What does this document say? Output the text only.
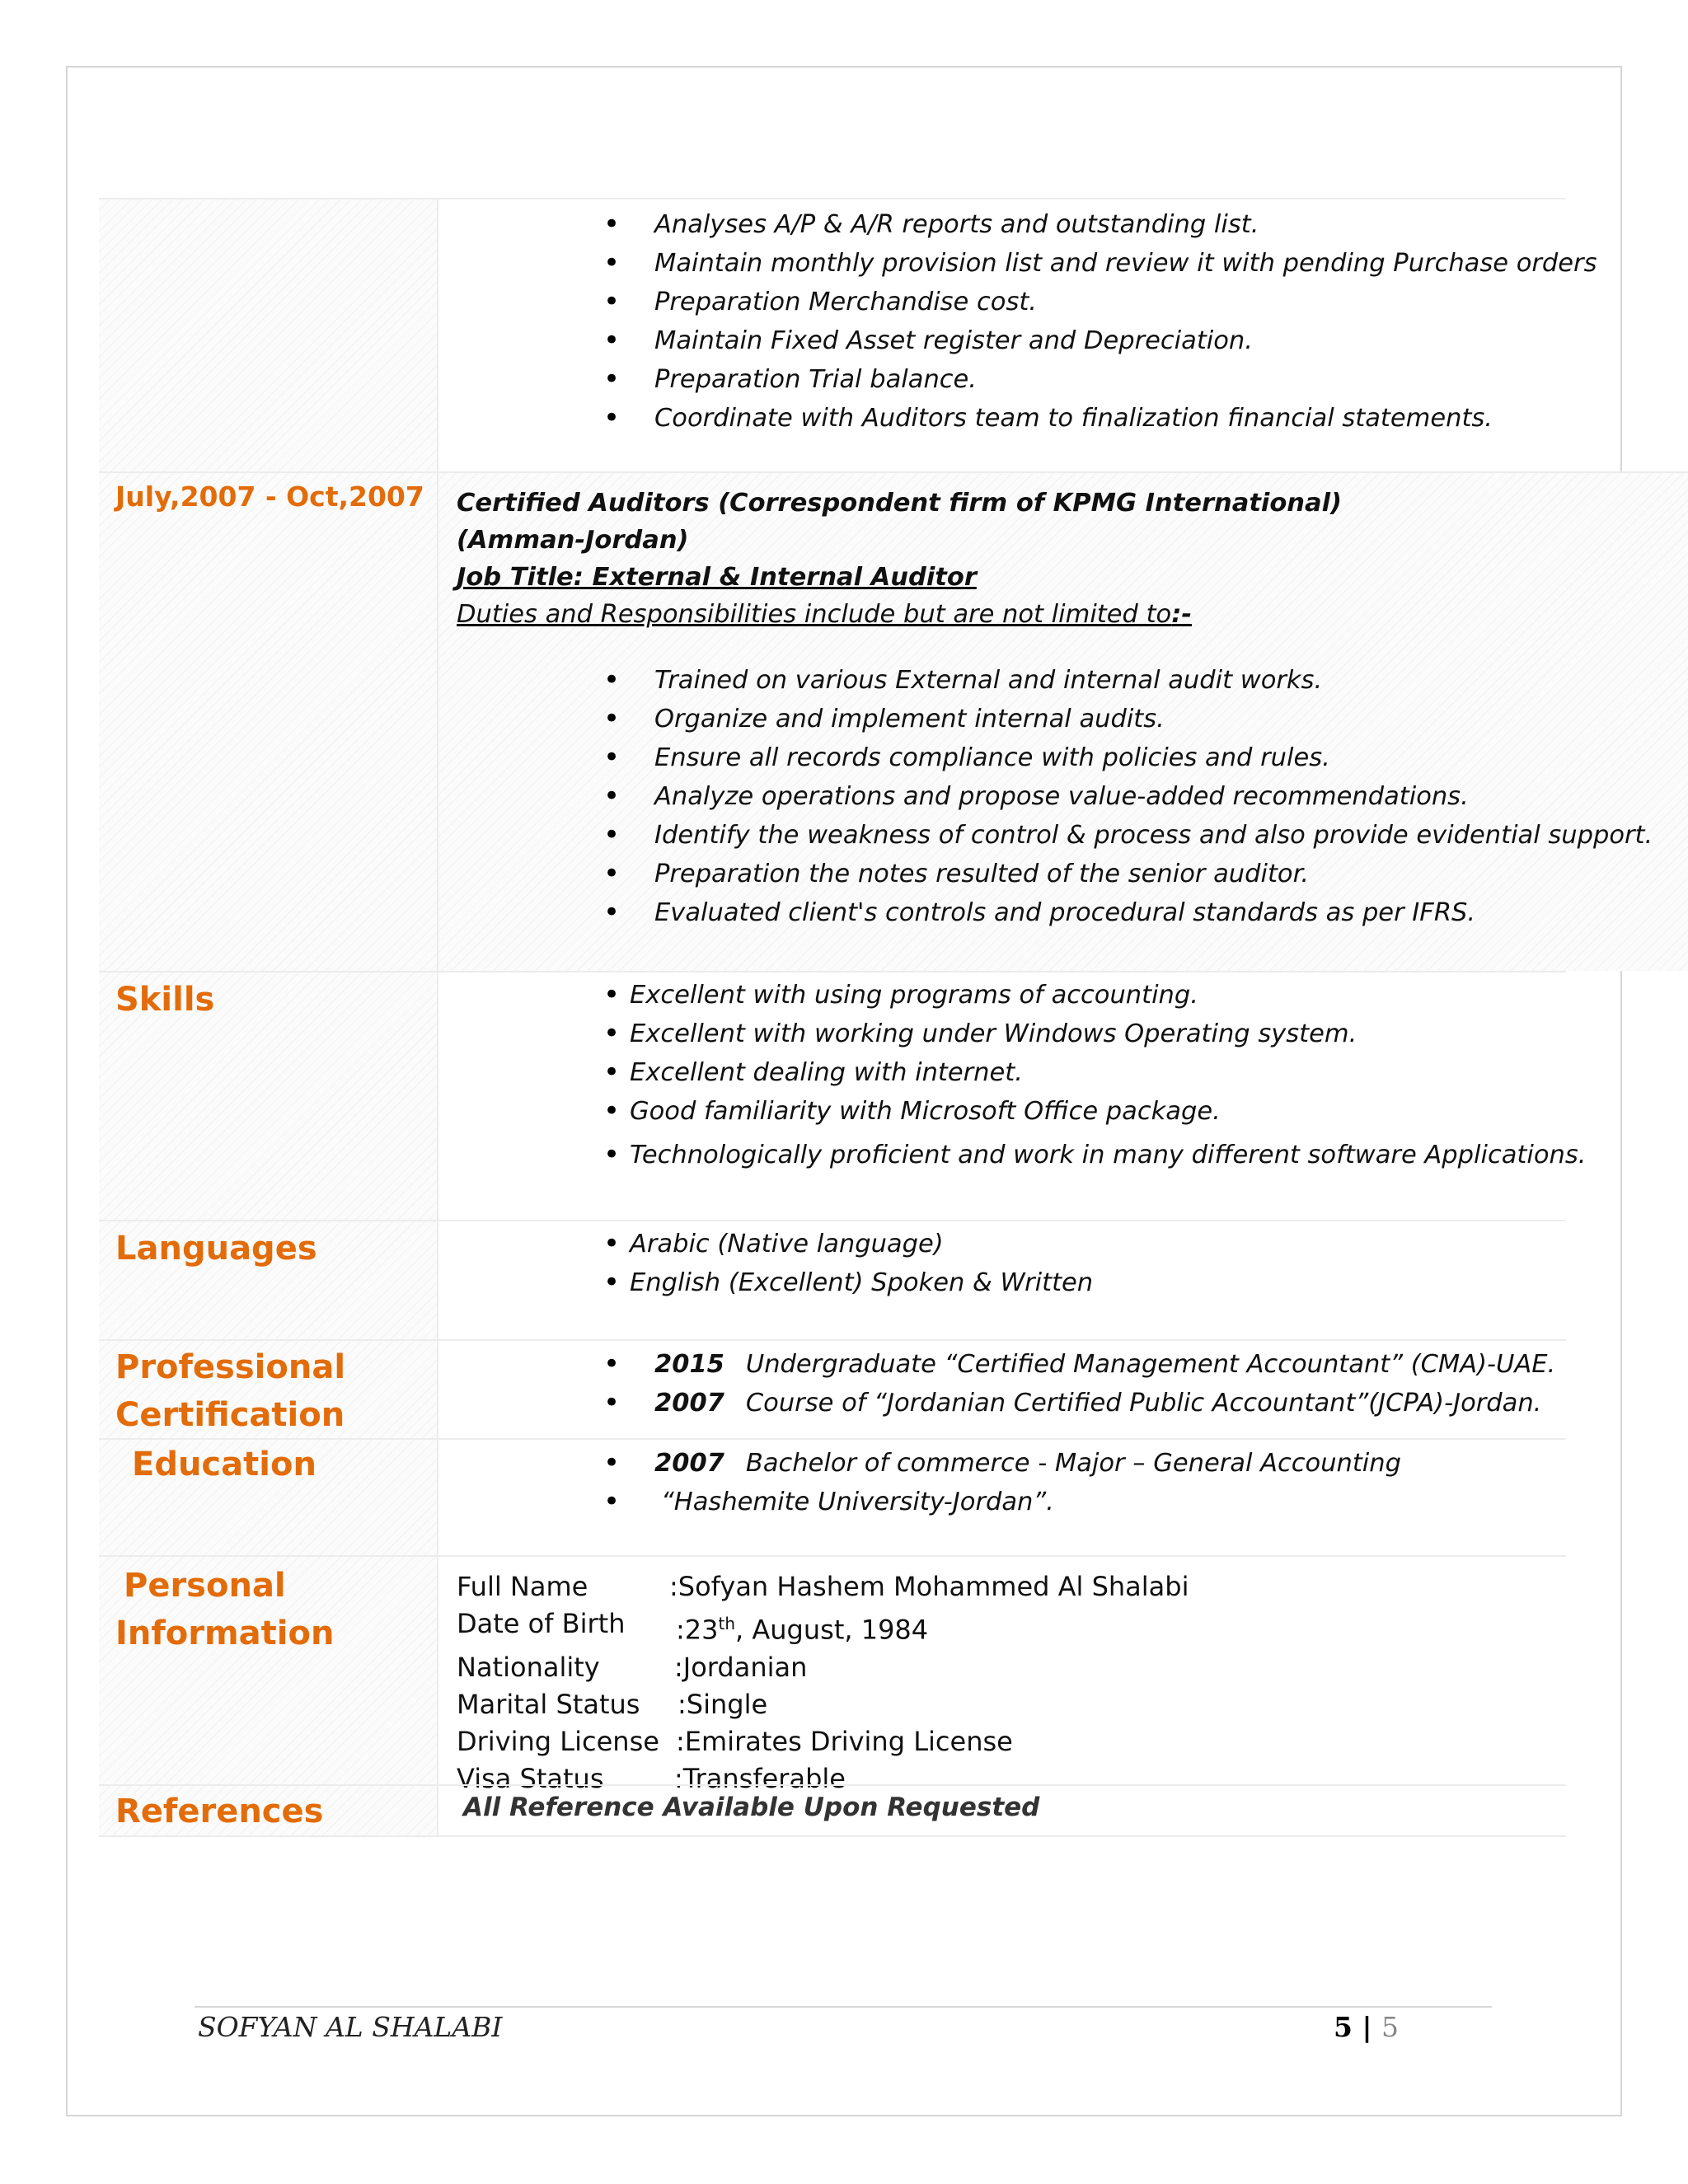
• Analyses A/P & A/R reports and outstanding list.
• Maintain monthly provision list and review it with pending Purchase orders
• Preparation Merchandise cost.
• Maintain Fixed Asset register and Depreciation.
• Preparation Trial balance.
• Coordinate with Auditors team to finalization financial statements.
July,2007 - Oct,2007 Certified Auditors (Correspondent firm of KPMG International)
(Amman-Jordan)
Job Title: External & Internal Auditor
Duties and Responsibilities include but are not limited to:-
• Trained on various External and internal audit works.
• Organize and implement internal audits.
• Ensure all records compliance with policies and rules.
• Analyze operations and propose value-added recommendations.
• Identify the weakness of control & process and also provide evidential support.
• Preparation the notes resulted of the senior auditor.
• Evaluated client's controls and procedural standards as per IFRS.
Skills	• Excellent with using programs of accounting.
• Excellent with working under Windows Operating system.
• Excellent dealing with internet.
• Good familiarity with Microsoft Office package.
• Technologically proficient and work in many different software Applications.
Languages	• Arabic (Native language)
• English (Excellent) Spoken & Written
Professional
Certification
• 2015 Undergraduate “Certified Management Accountant” (CMA)-UAE.
• 2007 Course of “Jordanian Certified Public Accountant”(JCPA)-Jordan.
Education	• 2007 Bachelor of commerce - Major – General Accounting
• “Hashemite University-Jordan”.
Personal
Information
Full Name	:Sofyan Hashem Mohammed Al Shalabi
Date of Birth	:23th, August, 1984
Nationality	:Jordanian
Marital Status	:Single
Driving License :Emirates Driving License
Visa Status	:Transferable
References	All Reference Available Upon Requested
SOFYAN AL SHALABI	5 | 5
